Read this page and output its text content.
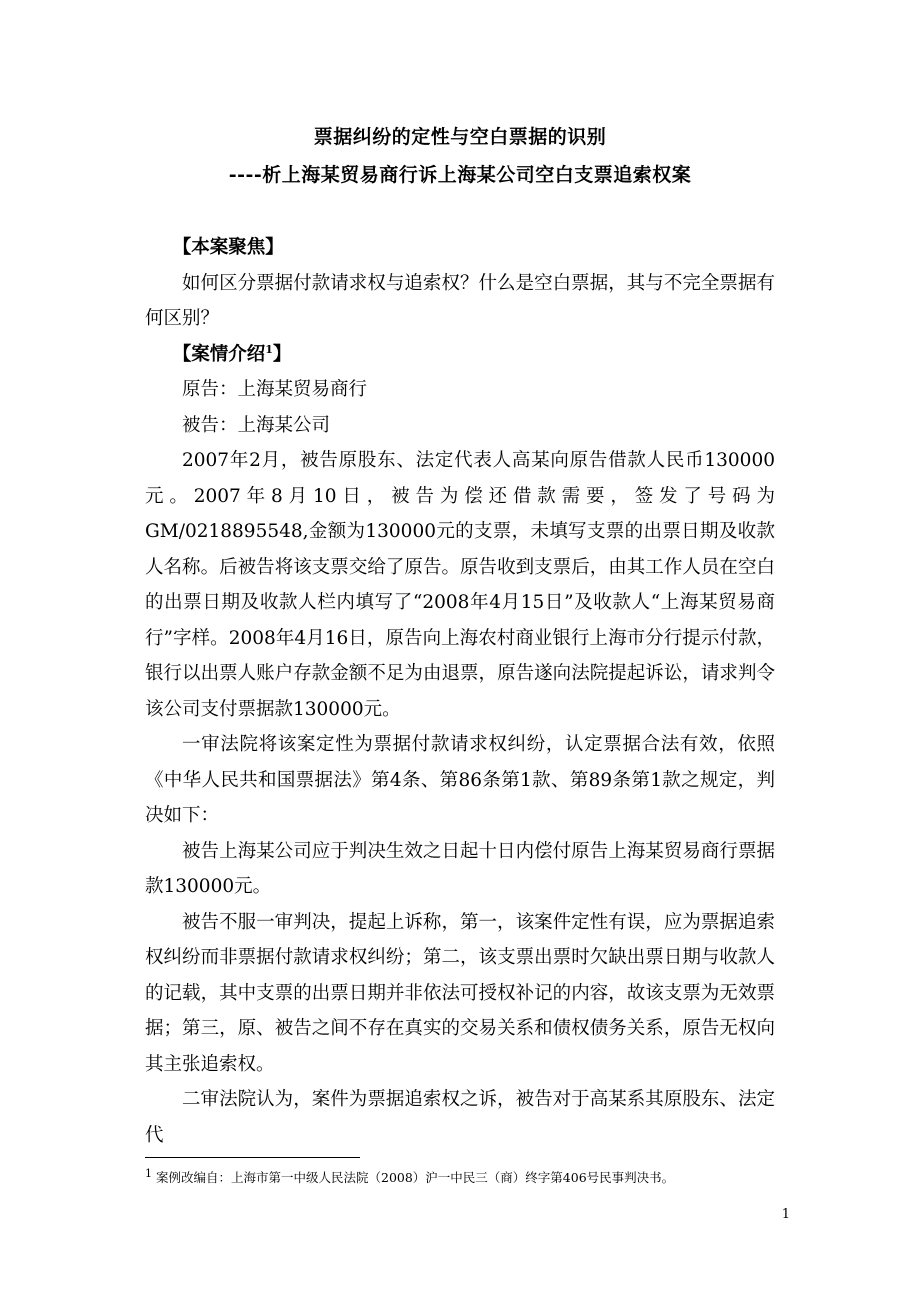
票据纠纷的定性与空白票据的识别
----析上海某贸易商行诉上海某公司空白支票追索权案

【本案聚焦】

如何区分票据付款请求权与追索权？什么是空白票据，其与不完全票据有何区别？

【案情介绍$^1$】

原告：上海某贸易商行

被告：上海某公司

2007年2月，被告原股东、法定代表人高某向原告借款人民币130000元。2007年8月10日，被告为偿还借款需要，签发了号码为GM/0218895548,金额为130000元的支票，未填写支票的出票日期及收款人名称。后被告将该支票交给了原告。原告收到支票后，由其工作人员在空白的出票日期及收款人栏内填写了“2008年4月15日”及收款人“上海某贸易商行”字样。2008年4月16日，原告向上海农村商业银行上海市分行提示付款，银行以出票人账户存款金额不足为由退票，原告遂向法院提起诉讼，请求判令该公司支付票据款130000元。

一审法院将该案定性为票据付款请求权纠纷，认定票据合法有效，依照《中华人民共和国票据法》第4条、第86条第1款、第89条第1款之规定，判决如下：

被告上海某公司应于判决生效之日起十日内偿付原告上海某贸易商行票据款130000元。

被告不服一审判决，提起上诉称，第一，该案件定性有误，应为票据追索权纠纷而非票据付款请求权纠纷；第二，该支票出票时欠缺出票日期与收款人的记载，其中支票的出票日期并非依法可授权补记的内容，故该支票为无效票据；第三，原、被告之间不存在真实的交易关系和债权债务关系，原告无权向其主张追索权。

二审法院认为，案件为票据追索权之诉，被告对于高某系其原股东、法定代

$^1$ 案例改编自：上海市第一中级人民法院（2008）沪一中民三（商）终字第406号民事判决书。
1
